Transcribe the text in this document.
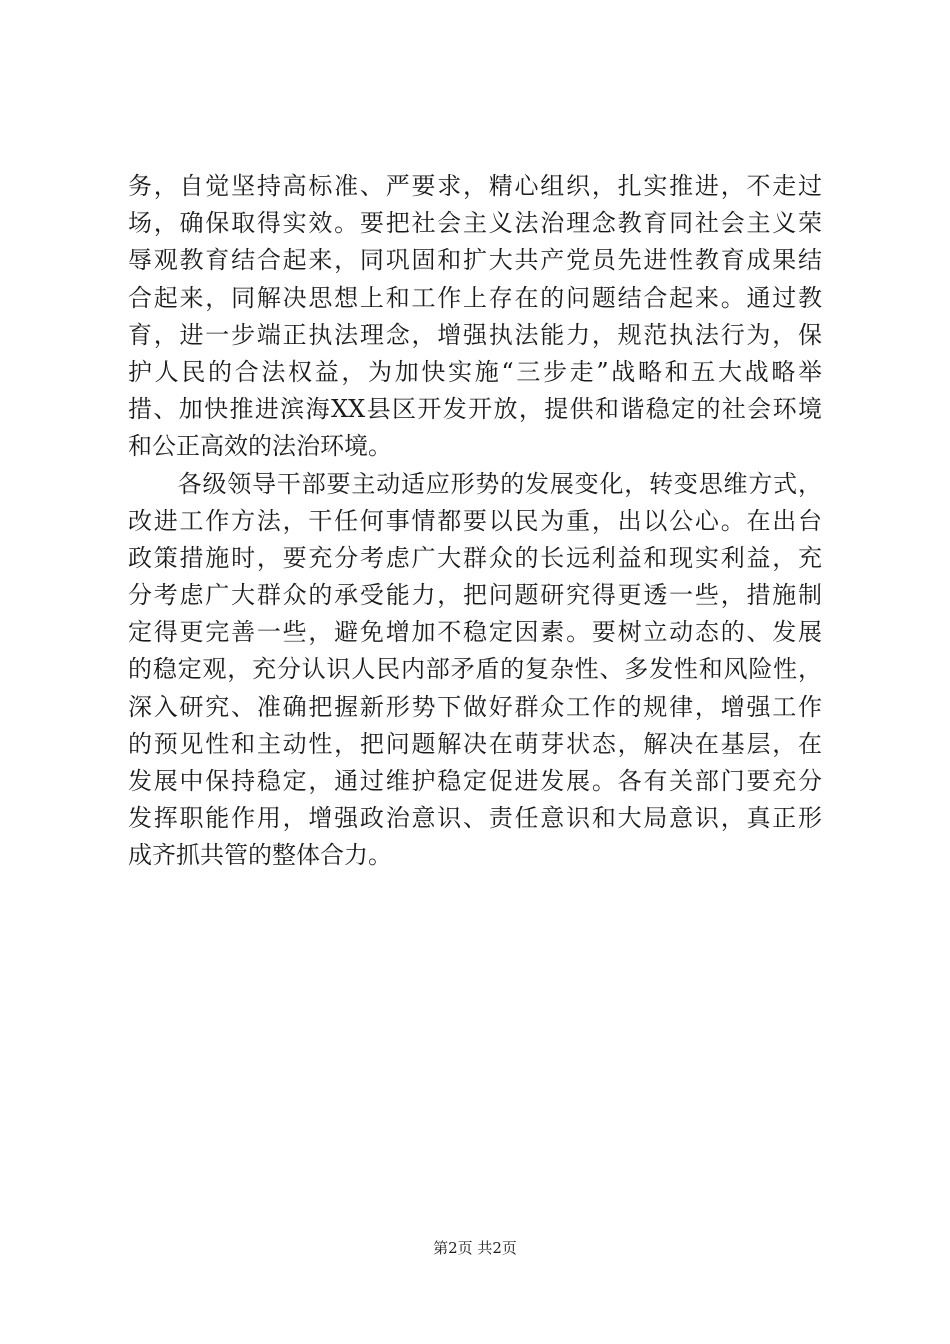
务，自觉坚持高标准、严要求，精心组织，扎实推进，不走过
场，确保取得实效。要把社会主义法治理念教育同社会主义荣
辱观教育结合起来，同巩固和扩大共产党员先进性教育成果结
合起来，同解决思想上和工作上存在的问题结合起来。通过教
育，进一步端正执法理念，增强执法能力，规范执法行为，保
护人民的合法权益，为加快实施“三步走”战略和五大战略举
措、加快推进滨海XX县区开发开放，提供和谐稳定的社会环境
和公正高效的法治环境。
　　各级领导干部要主动适应形势的发展变化，转变思维方式，
改进工作方法，干任何事情都要以民为重，出以公心。在出台
政策措施时，要充分考虑广大群众的长远利益和现实利益，充
分考虑广大群众的承受能力，把问题研究得更透一些，措施制
定得更完善一些，避免增加不稳定因素。要树立动态的、发展
的稳定观，充分认识人民内部矛盾的复杂性、多发性和风险性，
深入研究、准确把握新形势下做好群众工作的规律，增强工作
的预见性和主动性，把问题解决在萌芽状态，解决在基层，在
发展中保持稳定，通过维护稳定促进发展。各有关部门要充分
发挥职能作用，增强政治意识、责任意识和大局意识，真正形
成齐抓共管的整体合力。
第2页 共2页
